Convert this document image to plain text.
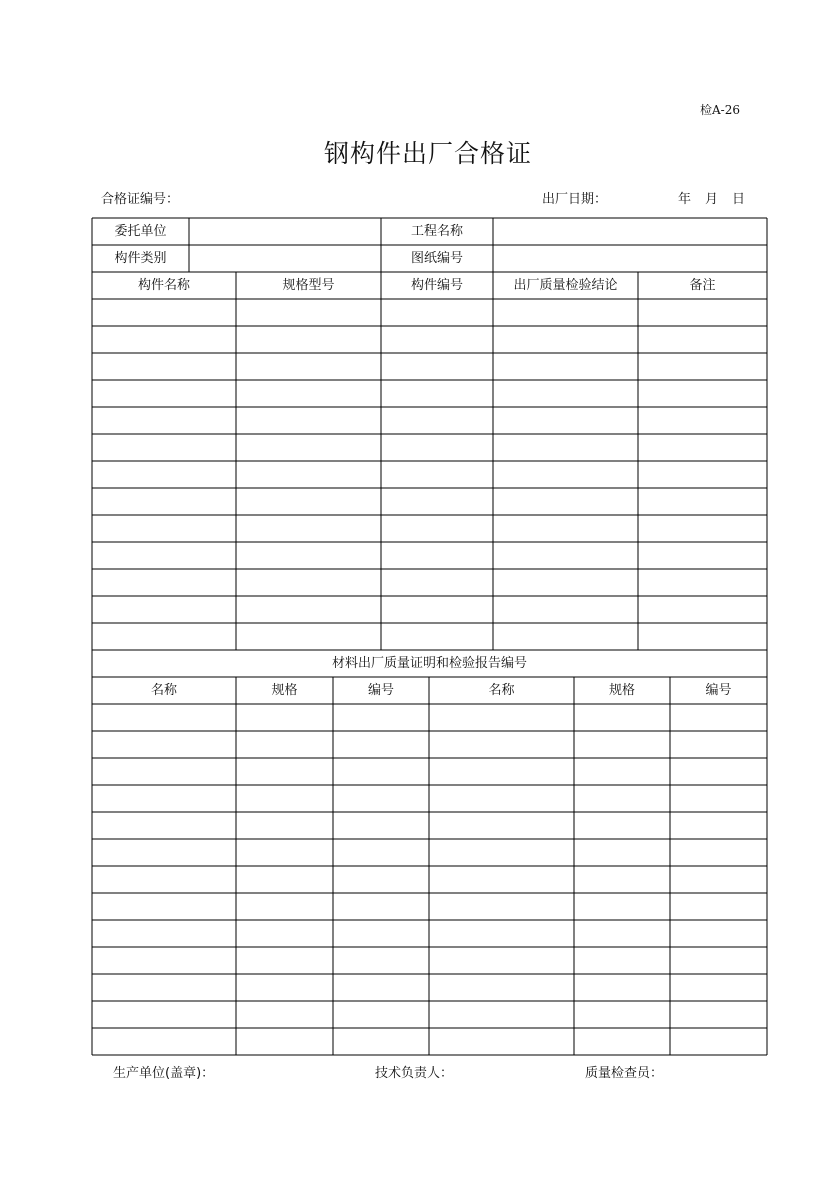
检A-26
钢构件出厂合格证
合格证编号：	出厂日期：	年 月 日
委托单位	工程名称
构件类别	图纸编号
构件名称	规格型号	构件编号	出厂质量检验结论	备注
材料出厂质量证明和检验报告编号
名称	规格	编号	名称	规格	编号
生产单位(盖章)：	技术负责人：	质量检查员：
